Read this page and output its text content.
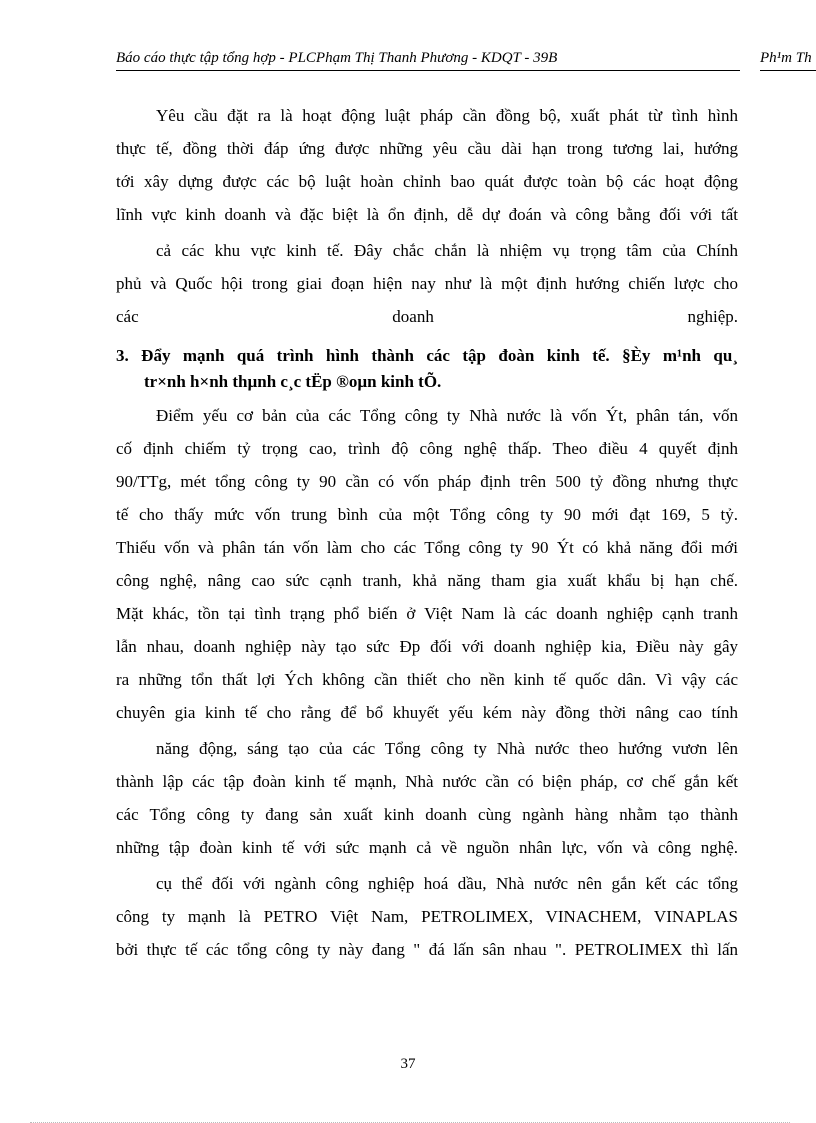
Báo cáo thực tập tổng hợp - PLCPhạm Thị Thanh Phương - KDQT - 39B	Ph¹m Th
Yêu cầu đặt ra là hoạt động luật pháp cần đồng bộ, xuất phát từ tình hình
thực tế, đồng thời đáp ứng được những yêu cầu dài hạn trong tương lai, hướng
tới xây dựng được các bộ luật hoàn chỉnh bao quát được toàn bộ các hoạt động
lĩnh vực kinh doanh và đặc biệt là ổn định, dễ dự đoán và công bằng đối với tất
cả các khu vực kinh tế. Đây chắc chắn là nhiệm vụ trọng tâm của Chính
phủ và Quốc hội trong giai đoạn hiện nay như là một định hướng chiến lược cho
các doanh nghiệp.
3. Đẩy mạnh quá trình hình thành các tập đoàn kinh tế. §Èy m¹nh qu¸
tr×nh h×nh thµnh c¸c tËp ®oµn kinh tÕ.
Điểm yếu cơ bản của các Tổng công ty Nhà nước là vốn Ýt, phân tán, vốn
cố định chiếm tỷ trọng cao, trình độ công nghệ thấp. Theo điều 4 quyết định
90/TTg, mét tổng công ty 90 cần có vốn pháp định trên 500 tỷ đồng nhưng thực
tế cho thấy mức vốn trung bình của một Tổng công ty 90 mới đạt 169, 5 tỷ.
Thiếu vốn và phân tán vốn làm cho các Tổng công ty 90 Ýt có khả năng đổi mới
công nghệ, nâng cao sức cạnh tranh, khả năng tham gia xuất khẩu bị hạn chế.
Mặt khác, tồn tại tình trạng phổ biến ở Việt Nam là các doanh nghiệp cạnh tranh
lẫn nhau, doanh nghiệp này tạo sức Ðp đối với doanh nghiệp kia, Điều này gây
ra những tổn thất lợi Ých không cần thiết cho nền kinh tế quốc dân. Vì vậy các
chuyên gia kinh tế cho rằng để bổ khuyết yếu kém này đồng thời nâng cao tính
năng động, sáng tạo của các Tổng công ty Nhà nước theo hướng vươn lên
thành lập các tập đoàn kinh tế mạnh, Nhà nước cần có biện pháp, cơ chế gắn kết
các Tổng công ty đang sản xuất kinh doanh cùng ngành hàng nhằm tạo thành
những tập đoàn kinh tế với sức mạnh cả về nguồn nhân lực, vốn và công nghệ.
cụ thể đối với ngành công nghiệp hoá dầu, Nhà nước nên gắn kết các tổng
công ty mạnh là PETRO Việt Nam, PETROLIMEX, VINACHEM, VINAPLAS
bởi thực tế các tổng công ty này đang " đá lấn sân nhau ". PETROLIMEX thì lấn
37
